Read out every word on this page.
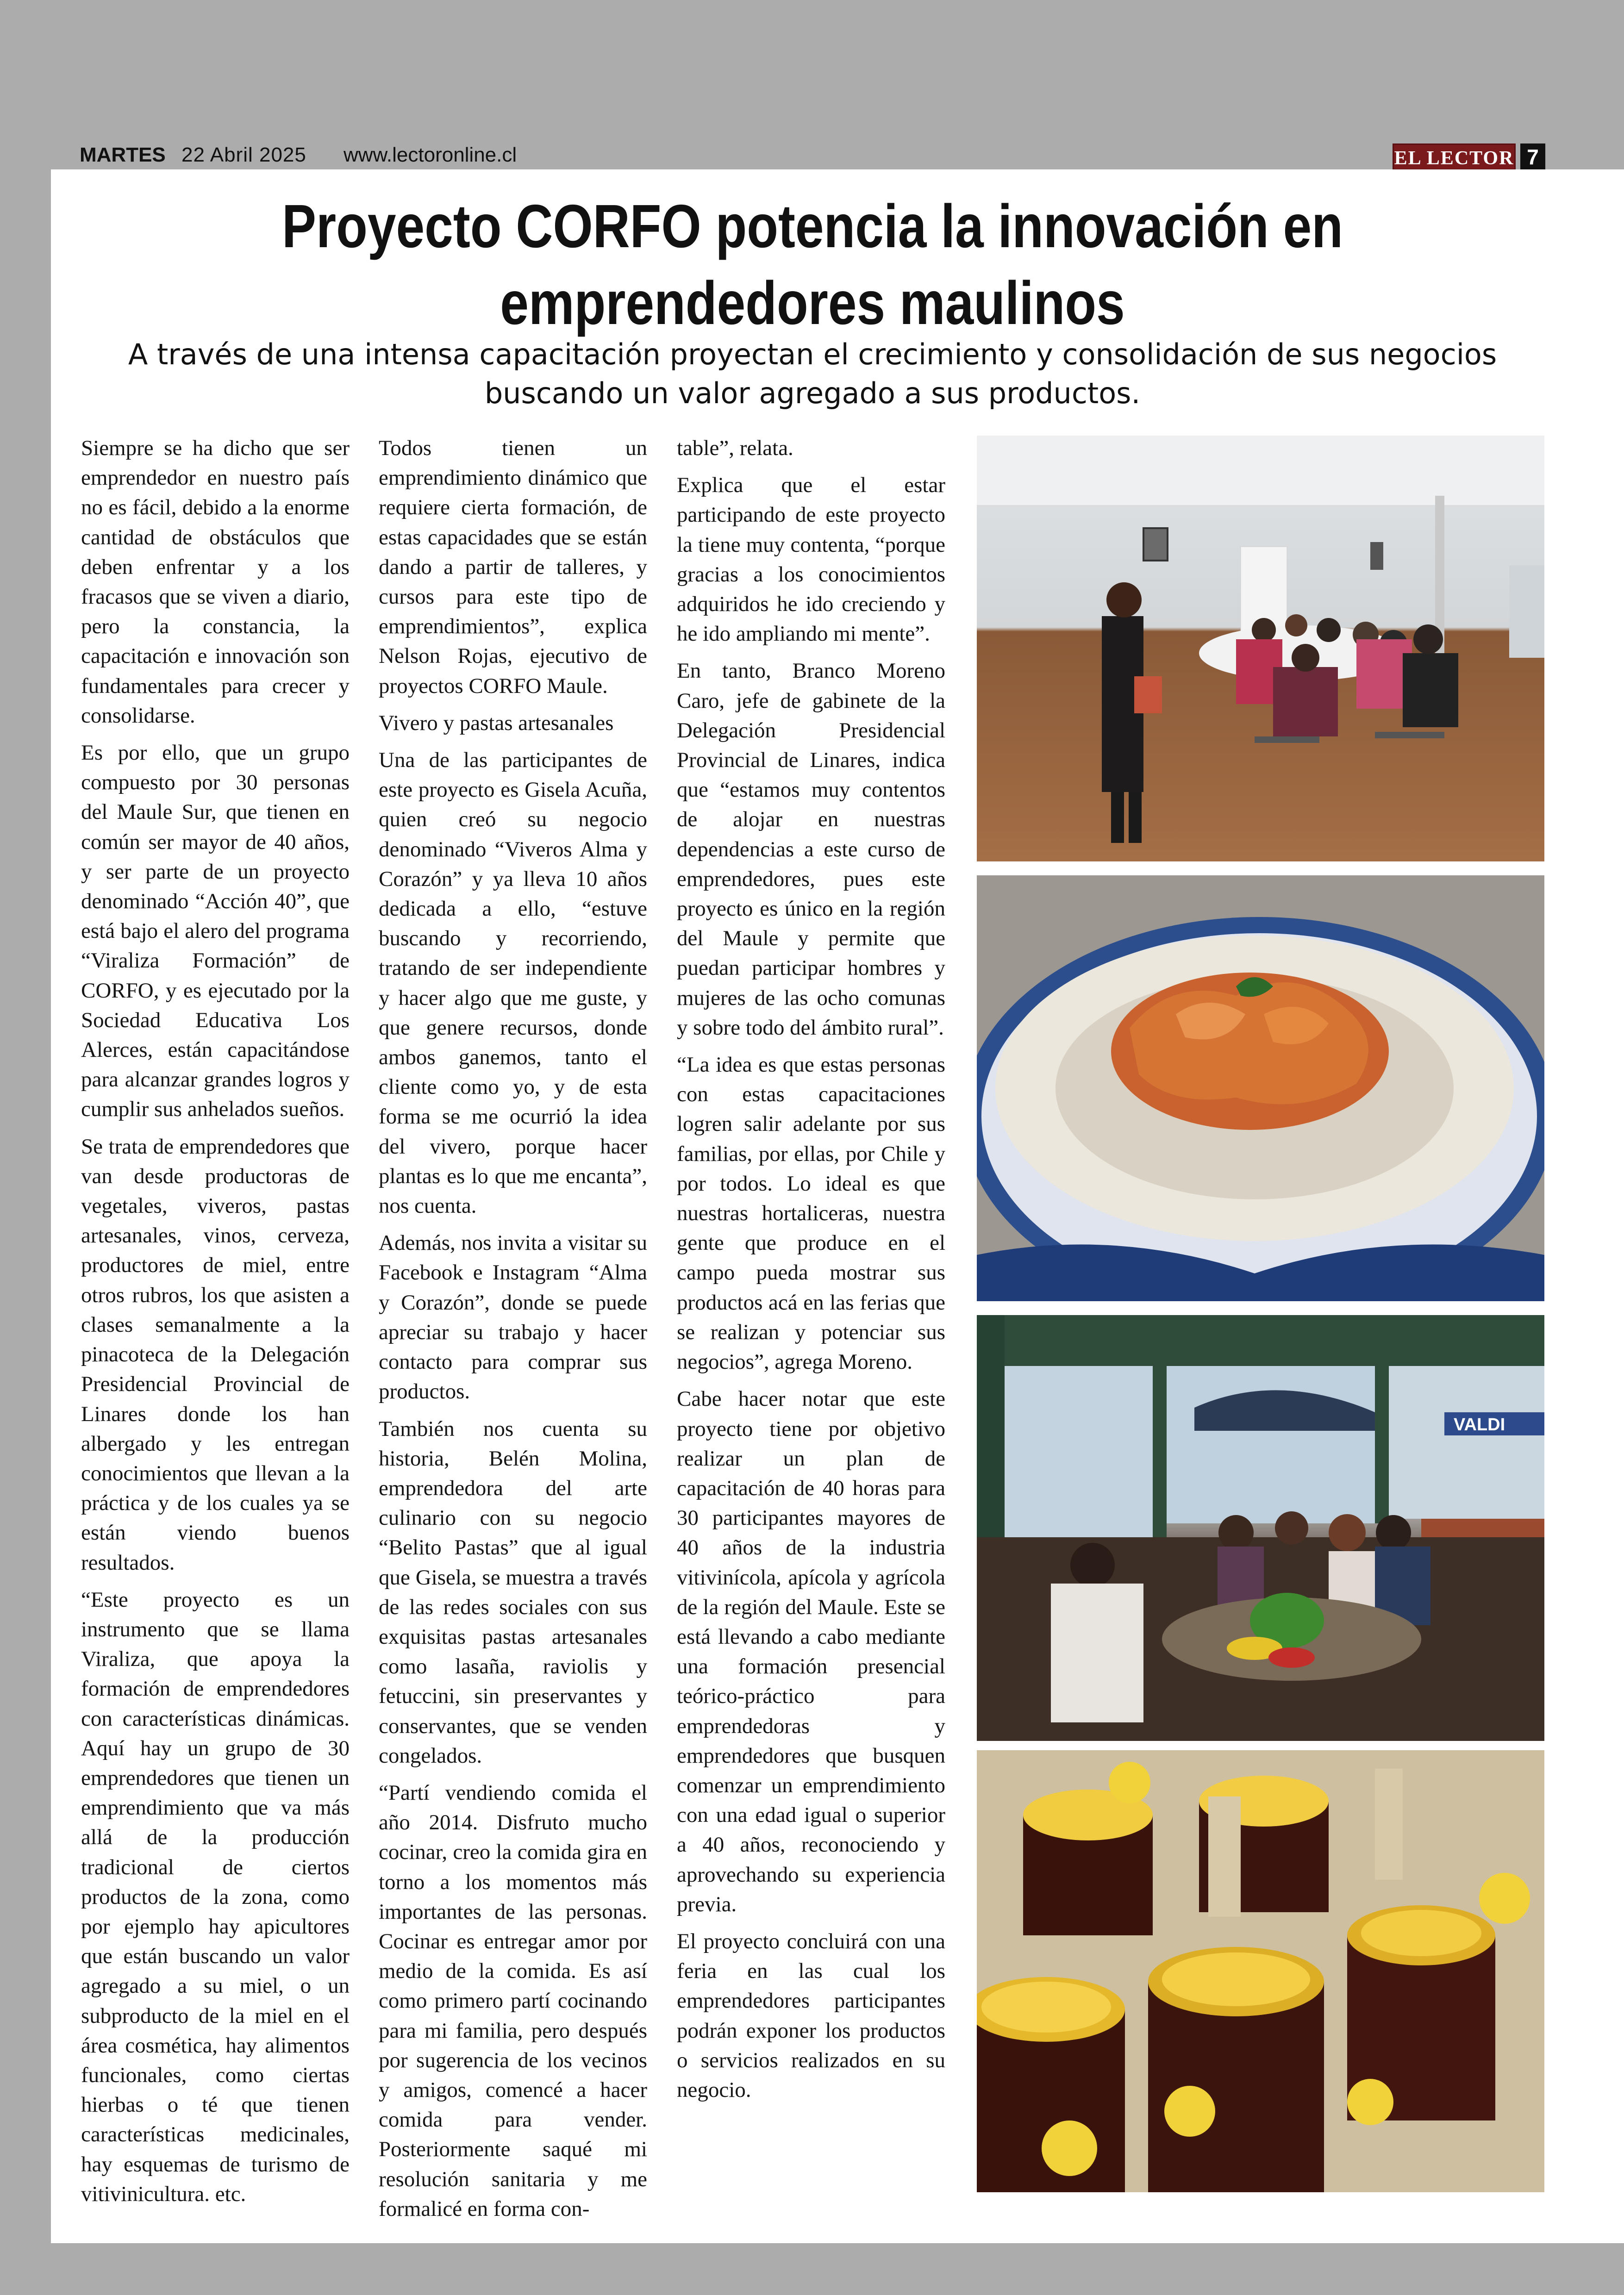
MARTES 22 Abril 2025 www.lectoronline.cl	EL LECTOR 7
Proyecto CORFO potencia la innovación en emprendedores maulinos
A través de una intensa capacitación proyectan el crecimiento y consolidación de sus negocios buscando un valor agregado a sus productos.

Siempre se ha dicho que ser emprendedor en nuestro país no es fácil, debido a la enorme cantidad de obstáculos que deben enfrentar y a los fracasos que se viven a diario, pero la constancia, la capacitación e innovación son fundamentales para crecer y consolidarse.

Es por ello, que un grupo compuesto por 30 personas del Maule Sur, que tienen en común ser mayor de 40 años, y ser parte de un proyecto denominado “Acción 40”, que está bajo el alero del programa “Viraliza Formación” de CORFO, y es ejecutado por la Sociedad Educativa Los Alerces, están capacitándose para alcanzar grandes logros y cumplir sus anhelados sueños.

Se trata de emprendedores que van desde productoras de vegetales, viveros, pastas artesanales, vinos, cerveza, productores de miel, entre otros rubros, los que asisten a clases semanalmente a la pinacoteca de la Delegación Presidencial Provincial de Linares donde los han albergado y les entregan conocimientos que llevan a la práctica y de los cuales ya se están viendo buenos resultados.

“Este proyecto es un instrumento que se llama Viraliza, que apoya la formación de emprendedores con características dinámicas. Aquí hay un grupo de 30 emprendedores que tienen un emprendimiento que va más allá de la producción tradicional de ciertos productos de la zona, como por ejemplo hay apicultores que están buscando un valor agregado a su miel, o un subproducto de la miel en el área cosmética, hay alimentos funcionales, como ciertas hierbas o té que tienen características medicinales, hay esquemas de turismo de vitivinicultura. etc.

Todos tienen un emprendimiento dinámico que requiere cierta formación, de estas capacidades que se están dando a partir de talleres, y cursos para este tipo de emprendimientos”, explica Nelson Rojas, ejecutivo de proyectos CORFO Maule.

Vivero y pastas artesanales

Una de las participantes de este proyecto es Gisela Acuña, quien creó su negocio denominado “Viveros Alma y Corazón” y ya lleva 10 años dedicada a ello, “estuve buscando y recorriendo, tratando de ser independiente y hacer algo que me guste, y que genere recursos, donde ambos ganemos, tanto el cliente como yo, y de esta forma se me ocurrió la idea del vivero, porque hacer plantas es lo que me encanta”, nos cuenta.

Además, nos invita a visitar su Facebook e Instagram “Alma y Corazón”, donde se puede apreciar su trabajo y hacer contacto para comprar sus productos.

También nos cuenta su historia, Belén Molina, emprendedora del arte culinario con su negocio “Belito Pastas” que al igual que Gisela, se muestra a través de las redes sociales con sus exquisitas pastas artesanales como lasaña, raviolis y fetuccini, sin preservantes y conservantes, que se venden congelados.

“Partí vendiendo comida el año 2014. Disfruto mucho cocinar, creo la comida gira en torno a los momentos más importantes de las personas. Cocinar es entregar amor por medio de la comida. Es así como primero partí cocinando para mi familia, pero después por sugerencia de los vecinos y amigos, comencé a hacer comida para vender. Posteriormente saqué mi resolución sanitaria y me formalicé en forma con-

table”, relata.

Explica que el estar participando de este proyecto la tiene muy contenta, “porque gracias a los conocimientos adquiridos he ido creciendo y he ido ampliando mi mente”.

En tanto, Branco Moreno Caro, jefe de gabinete de la Delegación Presidencial Provincial de Linares, indica que “estamos muy contentos de alojar en nuestras dependencias a este curso de emprendedores, pues este proyecto es único en la región del Maule y permite que puedan participar hombres y mujeres de las ocho comunas y sobre todo del ámbito rural”.

“La idea es que estas personas con estas capacitaciones logren salir adelante por sus familias, por ellas, por Chile y por todos. Lo ideal es que nuestras hortaliceras, nuestra gente que produce en el campo pueda mostrar sus productos acá en las ferias que se realizan y potenciar sus negocios”, agrega Moreno.

Cabe hacer notar que este proyecto tiene por objetivo realizar un plan de capacitación de 40 horas para 30 participantes mayores de 40 años de la industria vitivinícola, apícola y agrícola de la región del Maule. Este se está llevando a cabo mediante una formación presencial teórico-práctico para emprendedoras y emprendedores que busquen comenzar un emprendimiento con una edad igual o superior a 40 años, reconociendo y aprovechando su experiencia previa.

El proyecto concluirá con una feria en las cual los emprendedores participantes podrán exponer los productos o servicios realizados en su negocio.

VALDI
